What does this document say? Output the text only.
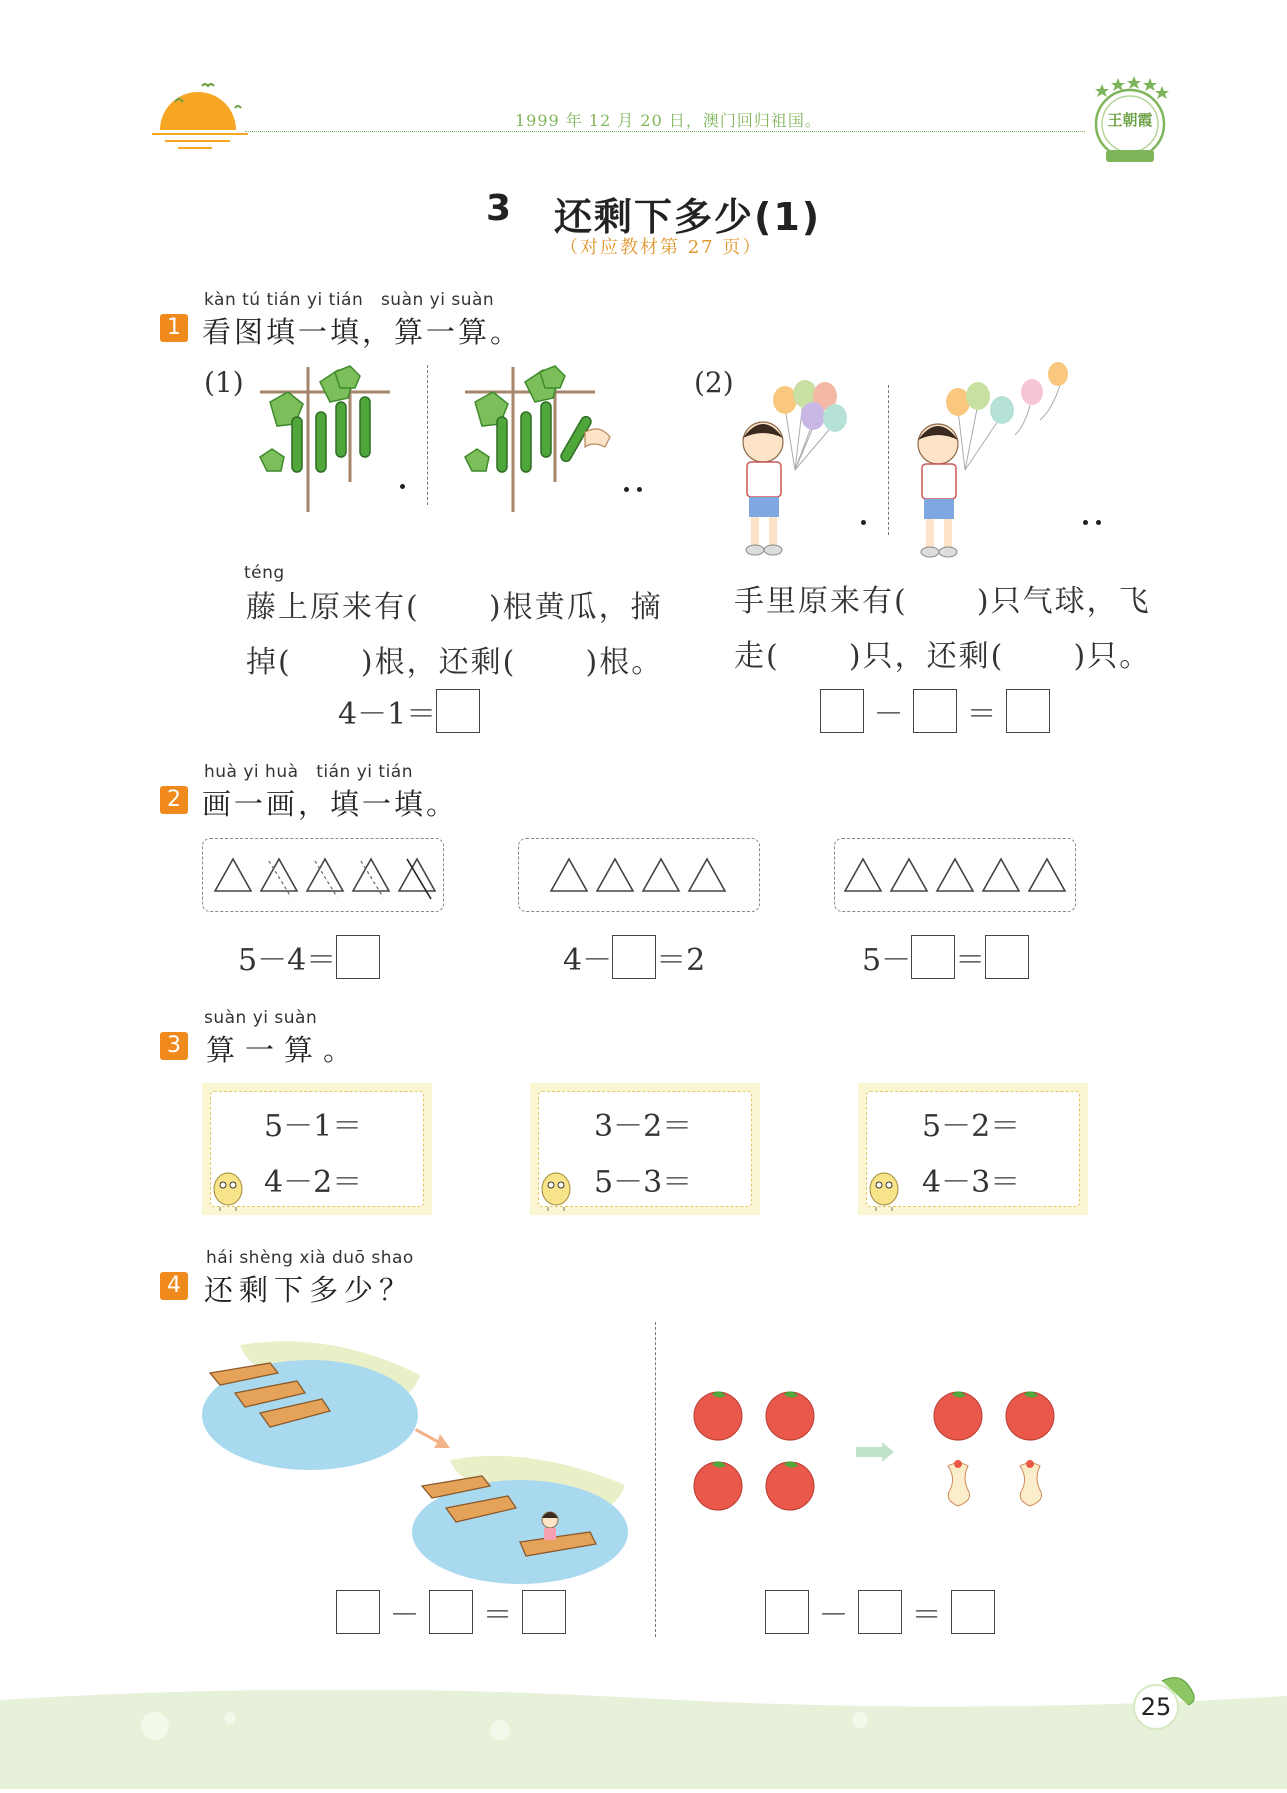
1999 年 12 月 20 日，澳门回归祖国。	王朝霞
3 还剩下多少(1)
（对应教材第 27 页）
kàn tú tián yi tián   suàn yi suàn
1 看图填一填，算一算。
(1)
téng
藤上原来有(      )根黄瓜，摘
掉(      )根，还剩(      )根。
4－1＝
(2)
手里原来有(      )只气球，飞
走(      )只，还剩(      )只。
－ ＝
huà yi huà   tián yi tián
2 画一画，填一填。
5－4＝	4－ ＝2	5－ ＝
suàn yi suàn
3 算一算。
5－1＝
4－2＝
3－2＝
5－3＝
5－2＝
4－3＝
hái shèng xià duō shao
4 还剩下多少？
－ ＝	－ ＝
25
